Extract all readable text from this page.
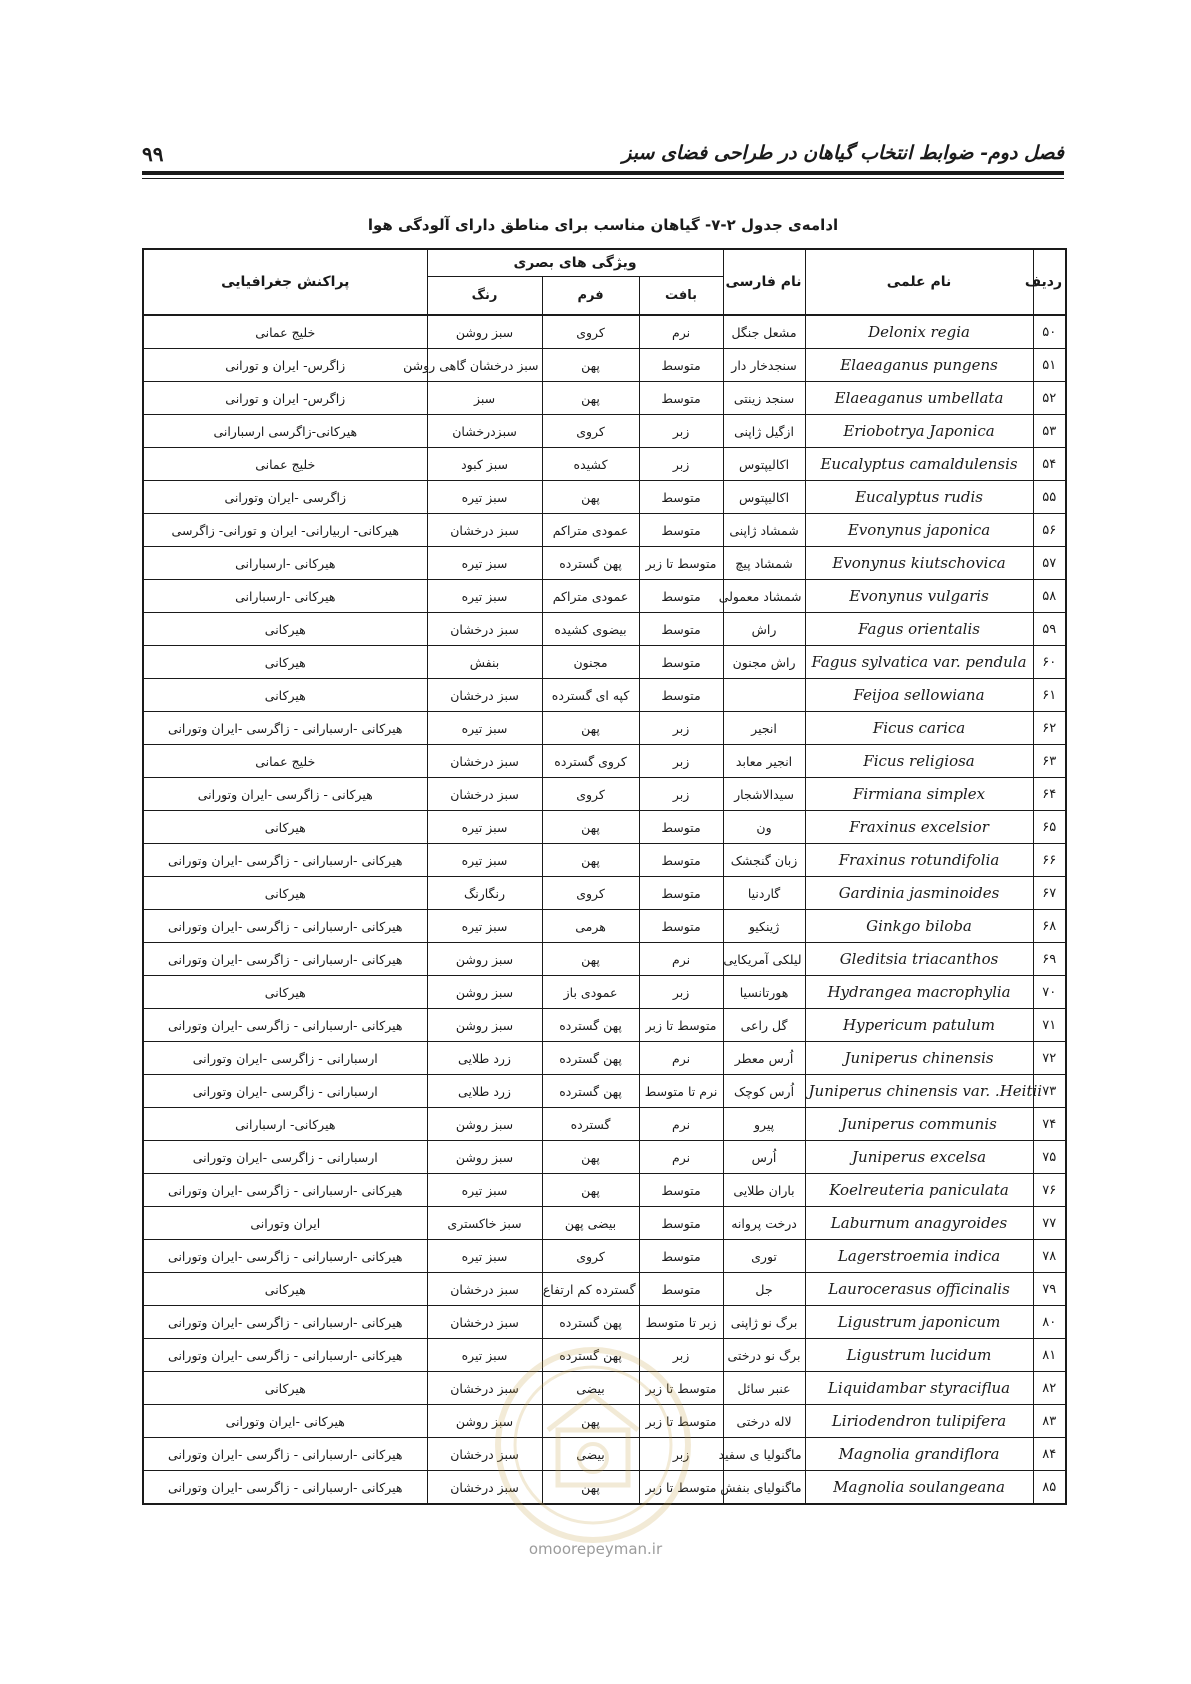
فصل دوم- ضوابط انتخاب گیاهان در طراحی فضای سبز
۹۹
ادامه‌ی جدول ۲-۷- گیاهان مناسب برای مناطق دارای آلودگی هوا
ردیف	نام علمی	نام فارسی	ویژگی های بصری			پراکنش جغرافیایی
			بافت	فرم	رنگ	
۵۰	Delonix regia	مشعل جنگل	نرم	کروی	سبز روشن	خلیج عمانی
۵۱	Elaeaganus pungens	سنجدخار دار	متوسط	پهن	سبز درخشان گاهی روشن	زاگرس- ایران و تورانی
۵۲	Elaeaganus umbellata	سنجد زینتی	متوسط	پهن	سبز	زاگرس- ایران و تورانی
۵۳	Eriobotrya Japonica	ازگیل ژاپنی	زبر	کروی	سبزدرخشان	هیرکانی-زاگرسی ارسبارانی
۵۴	Eucalyptus camaldulensis	اکالیپتوس	زبر	کشیده	سبز کبود	خلیج عمانی
۵۵	Eucalyptus rudis	اکالیپتوس	متوسط	پهن	سبز تیره	زاگرسی -ایران وتورانی
۵۶	Evonynus japonica	شمشاد ژاپنی	متوسط	عمودی متراکم	سبز درخشان	هیرکانی- اربیارانی- ایران و تورانی- زاگرسی
۵۷	Evonynus kiutschovica	شمشاد پیچ	متوسط تا زبر	پهن گسترده	سبز تیره	هیرکانی -ارسبارانی
۵۸	Evonynus vulgaris	شمشاد معمولی	متوسط	عمودی متراکم	سبز تیره	هیرکانی -ارسبارانی
۵۹	Fagus orientalis	راش	متوسط	بیضوی کشیده	سبز درخشان	هیرکانی
۶۰	Fagus sylvatica var. pendula	راش مجنون	متوسط	مجنون	بنفش	هیرکانی
۶۱	Feijoa sellowiana		متوسط	کپه ای گسترده	سبز درخشان	هیرکانی
۶۲	Ficus carica	انجیر	زبر	پهن	سبز تیره	هیرکانی -ارسبارانی - زاگرسی -ایران وتورانی
۶۳	Ficus religiosa	انجیر معابد	زبر	کروی گسترده	سبز درخشان	خلیج عمانی
۶۴	Firmiana simplex	سیدالاشجار	زبر	کروی	سبز درخشان	هیرکانی - زاگرسی -ایران وتورانی
۶۵	Fraxinus excelsior	ون	متوسط	پهن	سبز تیره	هیرکانی
۶۶	Fraxinus rotundifolia	زبان گنجشک	متوسط	پهن	سبز تیره	هیرکانی -ارسبارانی - زاگرسی -ایران وتورانی
۶۷	Gardinia jasminoides	گاردنیا	متوسط	کروی	رنگارنگ	هیرکانی
۶۸	Ginkgo biloba	ژینکیو	متوسط	هرمی	سبز تیره	هیرکانی -ارسبارانی - زاگرسی -ایران وتورانی
۶۹	Gleditsia triacanthos	لیلکی آمریکایی	نرم	پهن	سبز روشن	هیرکانی -ارسبارانی - زاگرسی -ایران وتورانی
۷۰	Hydrangea macrophylia	هورتانسیا	زبر	عمودی باز	سبز روشن	هیرکانی
۷۱	Hypericum patulum	گل راعی	متوسط تا زبر	پهن گسترده	سبز روشن	هیرکانی -ارسبارانی - زاگرسی -ایران وتورانی
۷۲	Juniperus chinensis	اُرس معطر	نرم	پهن گسترده	زرد طلایی	ارسبارانی - زاگرسی -ایران وتورانی
۷۳	Juniperus chinensis var. .Heitii	اُرس کوچک	نرم تا متوسط	پهن گسترده	زرد طلایی	ارسبارانی - زاگرسی -ایران وتورانی
۷۴	Juniperus communis	پیرو	نرم	گسترده	سبز روشن	هیرکانی- ارسبارانی
۷۵	Juniperus excelsa	اُرس	نرم	پهن	سبز روشن	ارسبارانی - زاگرسی -ایران وتورانی
۷۶	Koelreuteria paniculata	باران طلایی	متوسط	پهن	سبز تیره	هیرکانی -ارسبارانی - زاگرسی -ایران وتورانی
۷۷	Laburnum anagyroides	درخت پروانه	متوسط	بیضی پهن	سبز خاکستری	ایران وتورانی
۷۸	Lagerstroemia indica	توری	متوسط	کروی	سبز تیره	هیرکانی -ارسبارانی - زاگرسی -ایران وتورانی
۷۹	Laurocerasus officinalis	جل	متوسط	گسترده کم ارتفاع	سبز درخشان	هیرکانی
۸۰	Ligustrum japonicum	برگ نو ژاپنی	زبر تا متوسط	پهن گسترده	سبز درخشان	هیرکانی -ارسبارانی - زاگرسی -ایران وتورانی
۸۱	Ligustrum lucidum	برگ نو درختی	زبر	پهن گسترده	سبز تیره	هیرکانی -ارسبارانی - زاگرسی -ایران وتورانی
۸۲	Liquidambar styraciflua	عنبر سائل	متوسط تا زبر	بیضی	سبز درخشان	هیرکانی
۸۳	Liriodendron tulipifera	لاله درختی	متوسط تا زبر	پهن	سبز روشن	هیرکانی -ایران وتورانی
۸۴	Magnolia grandiflora	ماگنولیا ی سفید	زبر	بیضی	سبز درخشان	هیرکانی -ارسبارانی - زاگرسی -ایران وتورانی
۸۵	Magnolia soulangeana	ماگنولیای بنفش	متوسط تا زبر	پهن	سبز درخشان	هیرکانی -ارسبارانی - زاگرسی -ایران وتورانی
omoorepeyman.ir
